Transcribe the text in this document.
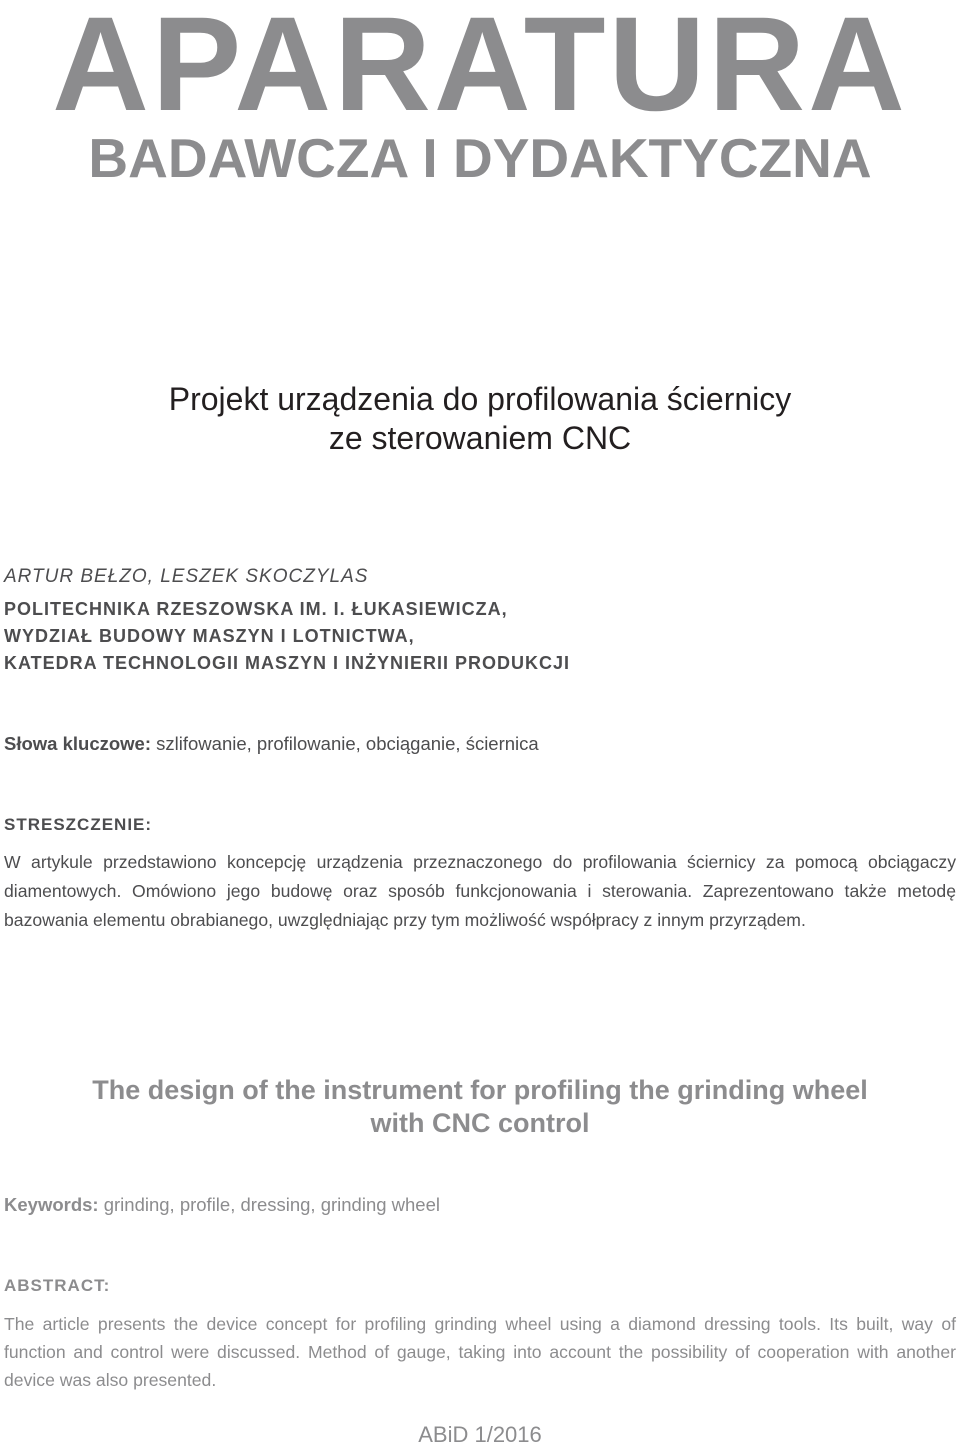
APARATURA
BADAWCZA I DYDAKTYCZNA
Projekt urządzenia do profilowania ściernicy
ze sterowaniem CNC

ARTUR BEŁZO, LESZEK SKOCZYLAS

POLITECHNIKA RZESZOWSKA IM. I. ŁUKASIEWICZA,
WYDZIAŁ BUDOWY MASZYN I LOTNICTWA,
KATEDRA TECHNOLOGII MASZYN I INŻYNIERII PRODUKCJI

Słowa kluczowe: szlifowanie, profilowanie, obciąganie, ściernica

STRESZCZENIE:

W artykule przedstawiono koncepcję urządzenia przeznaczonego do profilowania ściernicy za pomocą obciągaczy diamentowych. Omówiono jego budowę oraz sposób funkcjonowania i sterowania. Zaprezentowano także metodę bazowania elementu obrabianego, uwzględniając przy tym możliwość współpracy z innym przyrządem.

The design of the instrument for profiling the grinding wheel
with CNC control

Keywords: grinding, profile, dressing, grinding wheel

ABSTRACT:

The article presents the device concept for profiling grinding wheel using a diamond dressing tools. Its built, way of function and control were discussed. Method of gauge, taking into account the possibility of cooperation with another device was also presented.

ABiD 1/2016
